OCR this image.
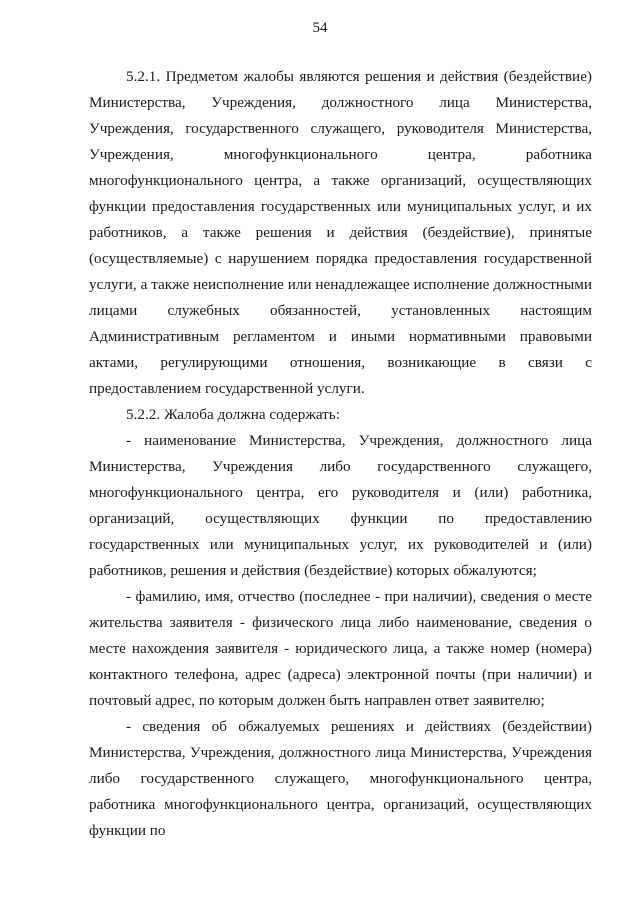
54

5.2.1. Предметом жалобы являются решения и действия (бездействие) Министерства, Учреждения, должностного лица Министерства, Учреждения, государственного служащего, руководителя Министерства, Учреждения, многофункционального центра, работника многофункционального центра, а также организаций, осуществляющих функции предоставления государственных или муниципальных услуг, и их работников, а также решения и действия (бездействие), принятые (осуществляемые) с нарушением порядка предоставления государственной услуги, а также неисполнение или ненадлежащее исполнение должностными лицами служебных обязанностей, установленных настоящим Административным регламентом и иными нормативными правовыми актами, регулирующими отношения, возникающие в связи с предоставлением государственной услуги.

5.2.2. Жалоба должна содержать:

- наименование Министерства, Учреждения, должностного лица Министерства, Учреждения либо государственного служащего, многофункционального центра, его руководителя и (или) работника, организаций, осуществляющих функции по предоставлению государственных или муниципальных услуг, их руководителей и (или) работников, решения и действия (бездействие) которых обжалуются;

- фамилию, имя, отчество (последнее - при наличии), сведения о месте жительства заявителя - физического лица либо наименование, сведения о месте нахождения заявителя - юридического лица, а также номер (номера) контактного телефона, адрес (адреса) электронной почты (при наличии) и почтовый адрес, по которым должен быть направлен ответ заявителю;

- сведения об обжалуемых решениях и действиях (бездействии) Министерства, Учреждения, должностного лица Министерства, Учреждения либо государственного служащего, многофункционального центра, работника многофункционального центра, организаций, осуществляющих функции по
